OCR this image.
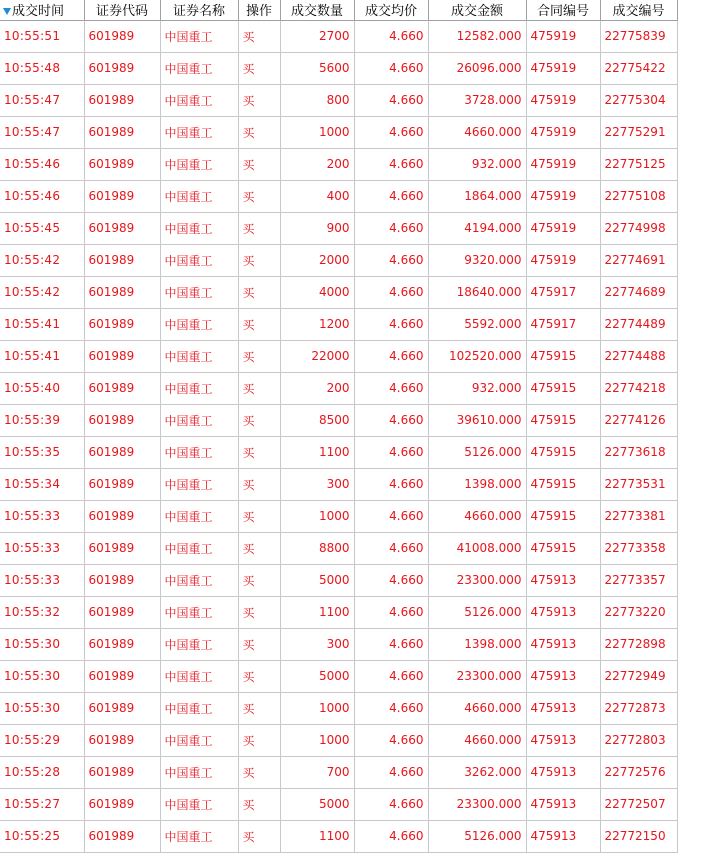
成交时间	证券代码	证券名称	操作	成交数量	成交均价	成交金额	合同编号	成交编号
10:55:51	601989	中国重工	买	2700	4.660	12582.000	475919	22775839
10:55:48	601989	中国重工	买	5600	4.660	26096.000	475919	22775422
10:55:47	601989	中国重工	买	800	4.660	3728.000	475919	22775304
10:55:47	601989	中国重工	买	1000	4.660	4660.000	475919	22775291
10:55:46	601989	中国重工	买	200	4.660	932.000	475919	22775125
10:55:46	601989	中国重工	买	400	4.660	1864.000	475919	22775108
10:55:45	601989	中国重工	买	900	4.660	4194.000	475919	22774998
10:55:42	601989	中国重工	买	2000	4.660	9320.000	475919	22774691
10:55:42	601989	中国重工	买	4000	4.660	18640.000	475917	22774689
10:55:41	601989	中国重工	买	1200	4.660	5592.000	475917	22774489
10:55:41	601989	中国重工	买	22000	4.660	102520.000	475915	22774488
10:55:40	601989	中国重工	买	200	4.660	932.000	475915	22774218
10:55:39	601989	中国重工	买	8500	4.660	39610.000	475915	22774126
10:55:35	601989	中国重工	买	1100	4.660	5126.000	475915	22773618
10:55:34	601989	中国重工	买	300	4.660	1398.000	475915	22773531
10:55:33	601989	中国重工	买	1000	4.660	4660.000	475915	22773381
10:55:33	601989	中国重工	买	8800	4.660	41008.000	475915	22773358
10:55:33	601989	中国重工	买	5000	4.660	23300.000	475913	22773357
10:55:32	601989	中国重工	买	1100	4.660	5126.000	475913	22773220
10:55:30	601989	中国重工	买	300	4.660	1398.000	475913	22772898
10:55:30	601989	中国重工	买	5000	4.660	23300.000	475913	22772949
10:55:30	601989	中国重工	买	1000	4.660	4660.000	475913	22772873
10:55:29	601989	中国重工	买	1000	4.660	4660.000	475913	22772803
10:55:28	601989	中国重工	买	700	4.660	3262.000	475913	22772576
10:55:27	601989	中国重工	买	5000	4.660	23300.000	475913	22772507
10:55:25	601989	中国重工	买	1100	4.660	5126.000	475913	22772150
